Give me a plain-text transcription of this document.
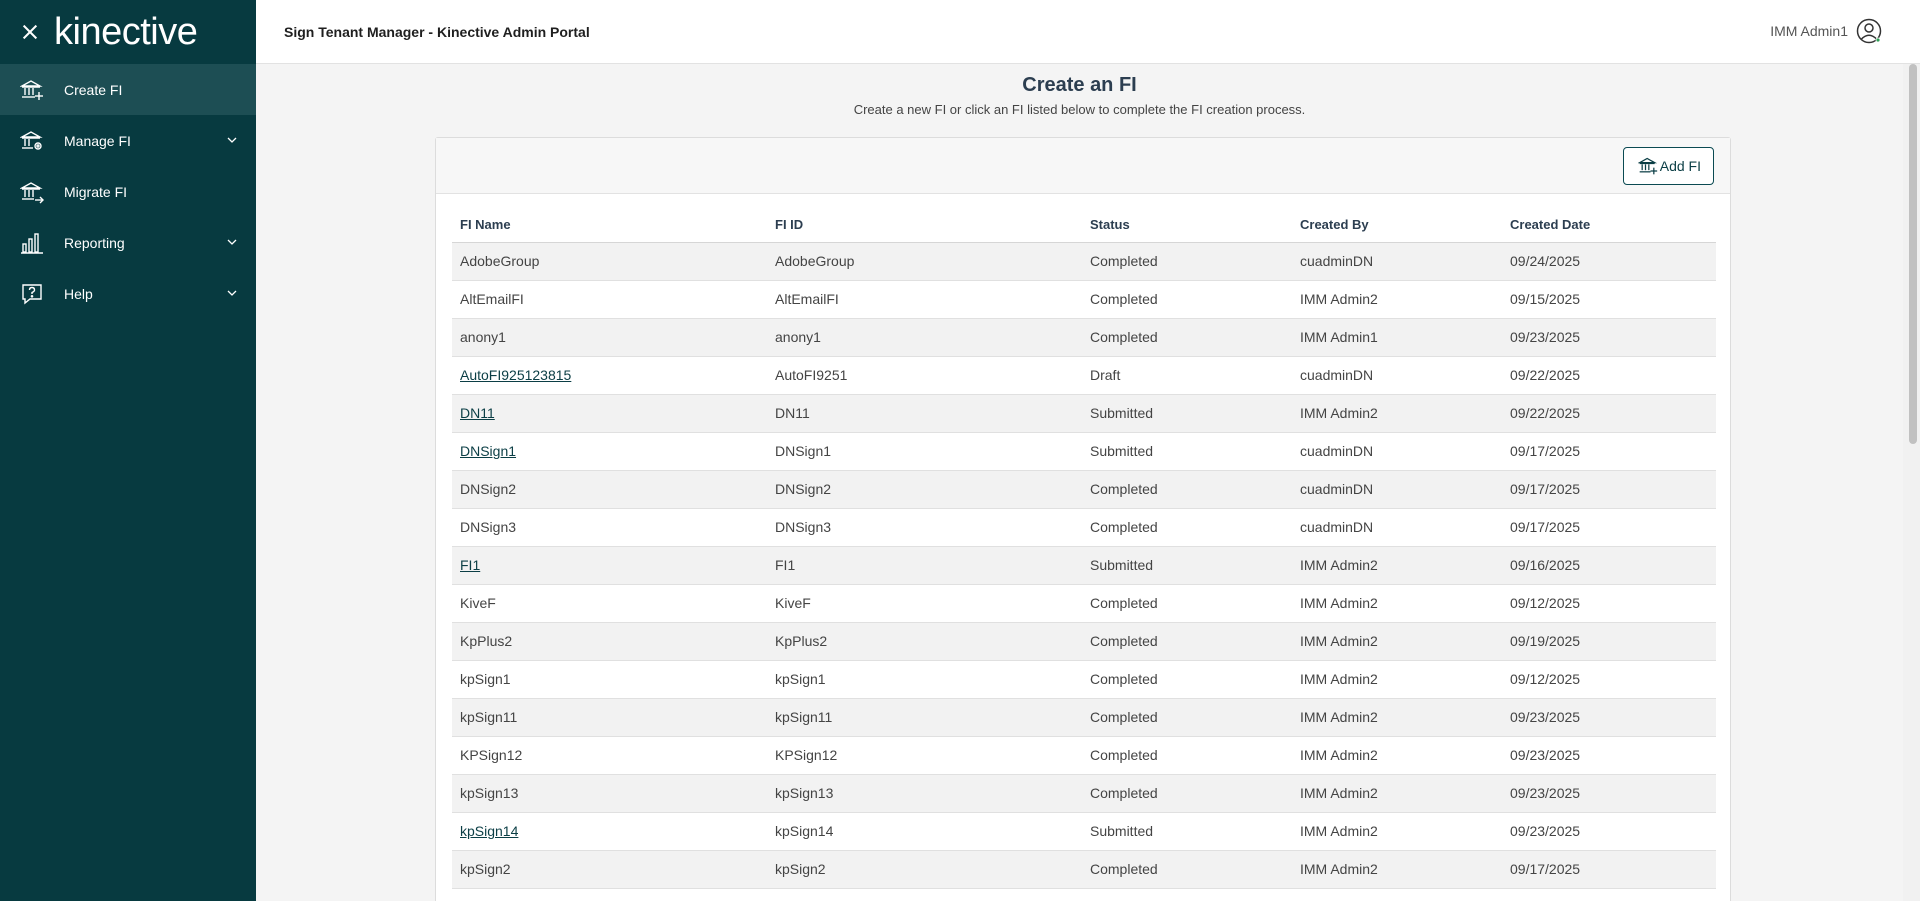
kinective
Create FI
Manage FI
Migrate FI
Reporting
Help
Sign Tenant Manager - Kinective Admin Portal	IMM Admin1
Create an FI
Create a new FI or click an FI listed below to complete the FI creation process.
Add FI
FI Name	FI ID	Status	Created By	Created Date
AdobeGroup	AdobeGroup	Completed	cuadminDN	09/24/2025
AltEmailFI	AltEmailFI	Completed	IMM Admin2	09/15/2025
anony1	anony1	Completed	IMM Admin1	09/23/2025
AutoFI925123815	AutoFI9251	Draft	cuadminDN	09/22/2025
DN11	DN11	Submitted	IMM Admin2	09/22/2025
DNSign1	DNSign1	Submitted	cuadminDN	09/17/2025
DNSign2	DNSign2	Completed	cuadminDN	09/17/2025
DNSign3	DNSign3	Completed	cuadminDN	09/17/2025
FI1	FI1	Submitted	IMM Admin2	09/16/2025
KiveF	KiveF	Completed	IMM Admin2	09/12/2025
KpPlus2	KpPlus2	Completed	IMM Admin2	09/19/2025
kpSign1	kpSign1	Completed	IMM Admin2	09/12/2025
kpSign11	kpSign11	Completed	IMM Admin2	09/23/2025
KPSign12	KPSign12	Completed	IMM Admin2	09/23/2025
kpSign13	kpSign13	Completed	IMM Admin2	09/23/2025
kpSign14	kpSign14	Submitted	IMM Admin2	09/23/2025
kpSign2	kpSign2	Completed	IMM Admin2	09/17/2025
